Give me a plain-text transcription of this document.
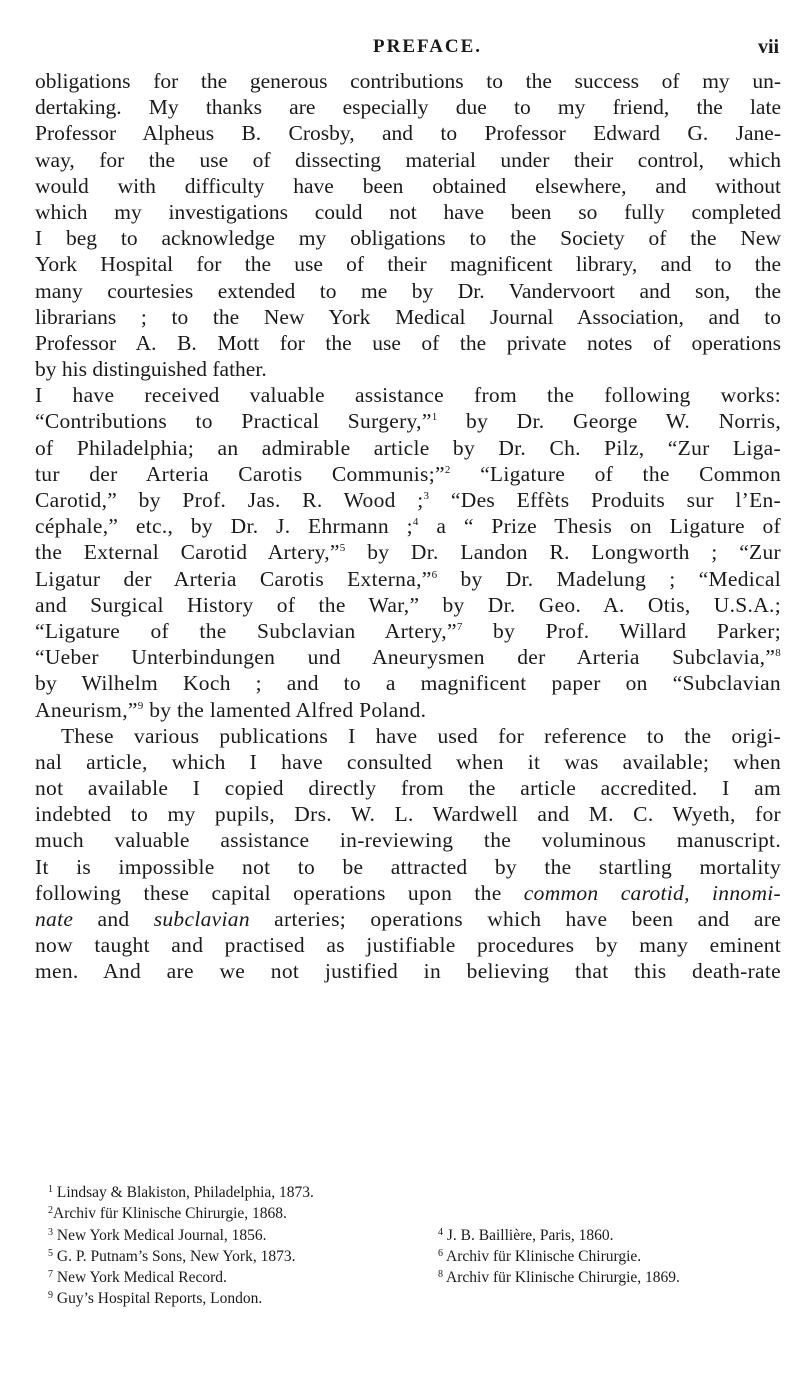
PREFACE.	vii
obligations for the generous contributions to the success of my un-
dertaking. My thanks are especially due to my friend, the late
Professor Alpheus B. Crosby, and to Professor Edward G. Jane-
way, for the use of dissecting material under their control, which
would with difficulty have been obtained elsewhere, and without
which my investigations could not have been so fully completed
I beg to acknowledge my obligations to the Society of the New
York Hospital for the use of their magnificent library, and to the
many courtesies extended to me by Dr. Vandervoort and son, the
librarians ; to the New York Medical Journal Association, and to
Professor A. B. Mott for the use of the private notes of operations
by his distinguished father.
I have received valuable assistance from the following works:
“Contributions to Practical Surgery,”$^1$ by Dr. George W. Norris,
of Philadelphia; an admirable article by Dr. Ch. Pilz, “Zur Liga-
tur der Arteria Carotis Communis;”$^2$ “Ligature of the Common
Carotid,” by Prof. Jas. R. Wood ;$^3$ “Des Effèts Produits sur l’En-
céphale,” etc., by Dr. J. Ehrmann ;$^4$ a “ Prize Thesis on Ligature of
the External Carotid Artery,”$^5$ by Dr. Landon R. Longworth ; “Zur
Ligatur der Arteria Carotis Externa,”$^6$ by Dr. Madelung ; “Medical
and Surgical History of the War,” by Dr. Geo. A. Otis, U.S.A.;
“Ligature of the Subclavian Artery,”$^7$ by Prof. Willard Parker;
“Ueber Unterbindungen und Aneurysmen der Arteria Subclavia,”$^8$
by Wilhelm Koch ; and to a magnificent paper on “Subclavian
Aneurism,”$^9$ by the lamented Alfred Poland.
These various publications I have used for reference to the origi-
nal article, which I have consulted when it was available; when
not available I copied directly from the article accredited. I am
indebted to my pupils, Drs. W. L. Wardwell and M. C. Wyeth, for
much valuable assistance in-reviewing the voluminous manuscript.
It is impossible not to be attracted by the startling mortality
following these capital operations upon the common carotid, innomi-
nate and subclavian arteries; operations which have been and are
now taught and practised as justifiable procedures by many eminent
men. And are we not justified in believing that this death-rate
$^1$ Lindsay & Blakiston, Philadelphia, 1873.
$^2$Archiv für Klinische Chirurgie, 1868.
$^3$ New York Medical Journal, 1856.	$^4$ J. B. Baillière, Paris, 1860.
$^5$ G. P. Putnam’s Sons, New York, 1873.	$^6$ Archiv für Klinische Chirurgie.
$^7$ New York Medical Record.	$^8$ Archiv für Klinische Chirurgie, 1869.
$^9$ Guy’s Hospital Reports, London.
